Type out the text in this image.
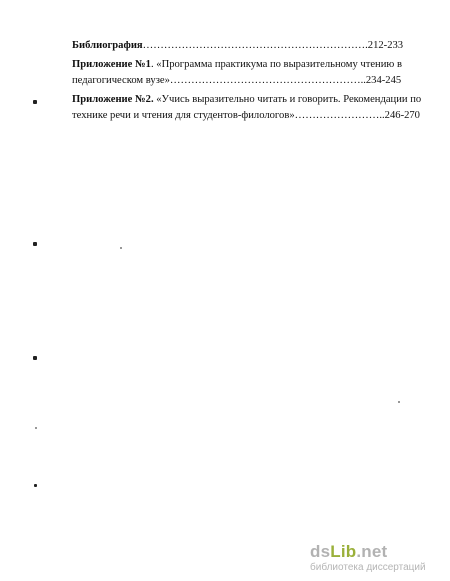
Библиография……………………………………………………….212-233
Приложение №1. «Программа практикума по выразительному чтению в
педагогическом вузе»………………………………………………..234-245
Приложение №2. «Учись выразительно читать и говорить. Рекомендации по
технике речи и чтения для студентов-филологов»……………………..246-270
dsLib.net
библиотека диссертаций
